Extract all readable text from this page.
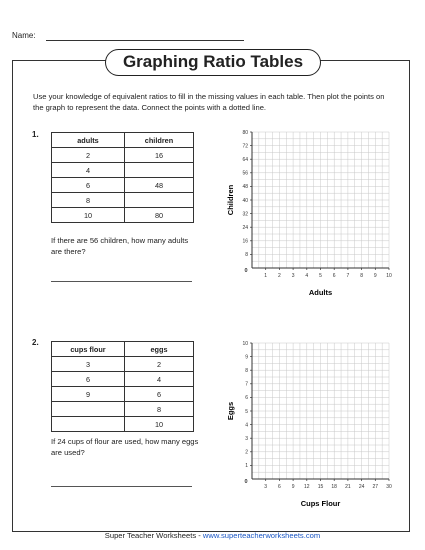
Name:
Graphing Ratio Tables
Use your knowledge of equivalent ratios to fill in the missing values in each table. Then plot the points on the graph to represent the data. Connect the points with a dotted line.
1.
adults	children
2	16
4	
6	48
8	
10	80
If there are 56 children, how many adults are there?
0
1 2 3 4 5 6 7 8 9 10
8
16
24
32
40
48
56
64
72
80
Adults
Children
2.
cups flour	eggs
3	2
6	4
9	6
	8
	10
If 24 cups of flour are used, how many eggs are used?
0
3 6 9 12 15 18 21 24 27 30
1
2
3
4
5
6
7
8
9
10
Cups Flour
Eggs
Super Teacher Worksheets - www.superteacherworksheets.com
